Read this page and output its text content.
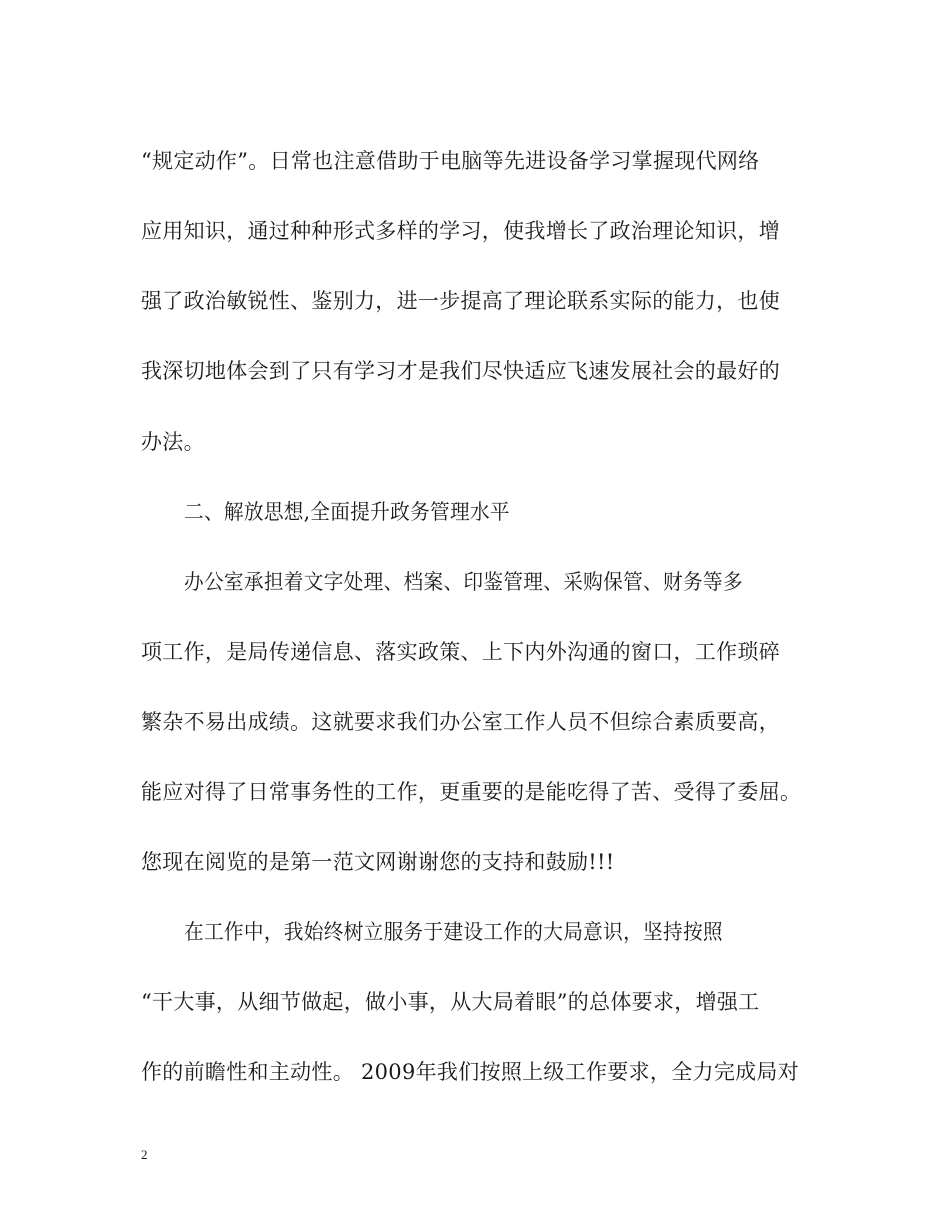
“规定动作”。日常也注意借助于电脑等先进设备学习掌握现代网络
应用知识，通过种种形式多样的学习，使我增长了政治理论知识，增
强了政治敏锐性、鉴别力，进一步提高了理论联系实际的能力，也使
我深切地体会到了只有学习才是我们尽快适应飞速发展社会的最好的
办法。
二、解放思想,全面提升政务管理水平
办公室承担着文字处理、档案、印鉴管理、采购保管、财务等多
项工作，是局传递信息、落实政策、上下内外沟通的窗口，工作琐碎
繁杂不易出成绩。这就要求我们办公室工作人员不但综合素质要高，
能应对得了日常事务性的工作，更重要的是能吃得了苦、受得了委屈。
您现在阅览的是第一范文网谢谢您的支持和鼓励!!!
在工作中，我始终树立服务于建设工作的大局意识，坚持按照
“干大事，从细节做起，做小事，从大局着眼”的总体要求，增强工
作的前瞻性和主动性。 2009年我们按照上级工作要求，全力完成局对
2
